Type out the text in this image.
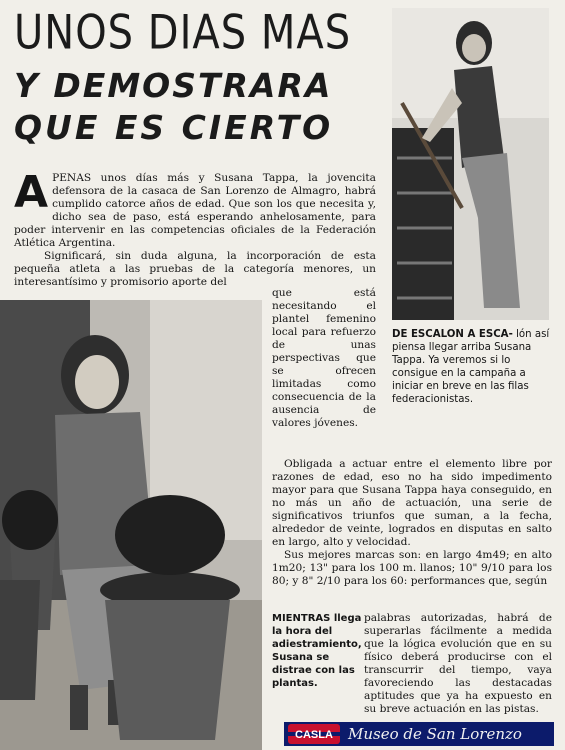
UNOS DIAS MAS
Y DEMOSTRARA
QUE ES CIERTO

APENAS unos días más y Susana Tappa, la jovencita defensora de la casaca de San Lorenzo de Almagro, habrá cumplido catorce años de edad. Que son los que necesita y, dicho sea de paso, está esperando anhelosamente, para poder intervenir en las competencias oficiales de la Federación Atlética Argentina.

Significará, sin duda alguna, la incorporación de esta pequeña atleta a las pruebas de la categoría menores, un interesantísimo y promisorio aporte del

que está necesitando el plantel femenino local para refuerzo de unas perspectivas que se ofrecen limitadas como consecuencia de la ausencia de valores jóvenes.

DE ESCALON A ESCA- lón así piensa llegar arriba Susana Tappa. Ya veremos si lo consigue en la campaña a iniciar en breve en las filas federacionistas.
Obligada a actuar entre el elemento libre por razones de edad, eso no ha sido impedimento mayor para que Susana Tappa haya conseguido, en no más un año de actuación, una serie de significativos triunfos que suman, a la fecha, alrededor de veinte, logrados en disputas en salto en largo, alto y velocidad.
Sus mejores marcas son: en largo 4m49; en alto 1m20; 13" para los 100 m. llanos; 10" 9/10 para los 80; y 8" 2/10 para los 60: performances que, según
MIENTRAS llega la hora del adiestramiento, Susana se distrae con las plantas.

palabras autorizadas, habrá de superarlas fácilmente a medida que la lógica evolución que en su físico deberá producirse con el transcurrir del tiempo, vaya favoreciendo las destacadas aptitudes que ya ha expuesto en su breve actuación en las pistas.

CASLA Museo de San Lorenzo
